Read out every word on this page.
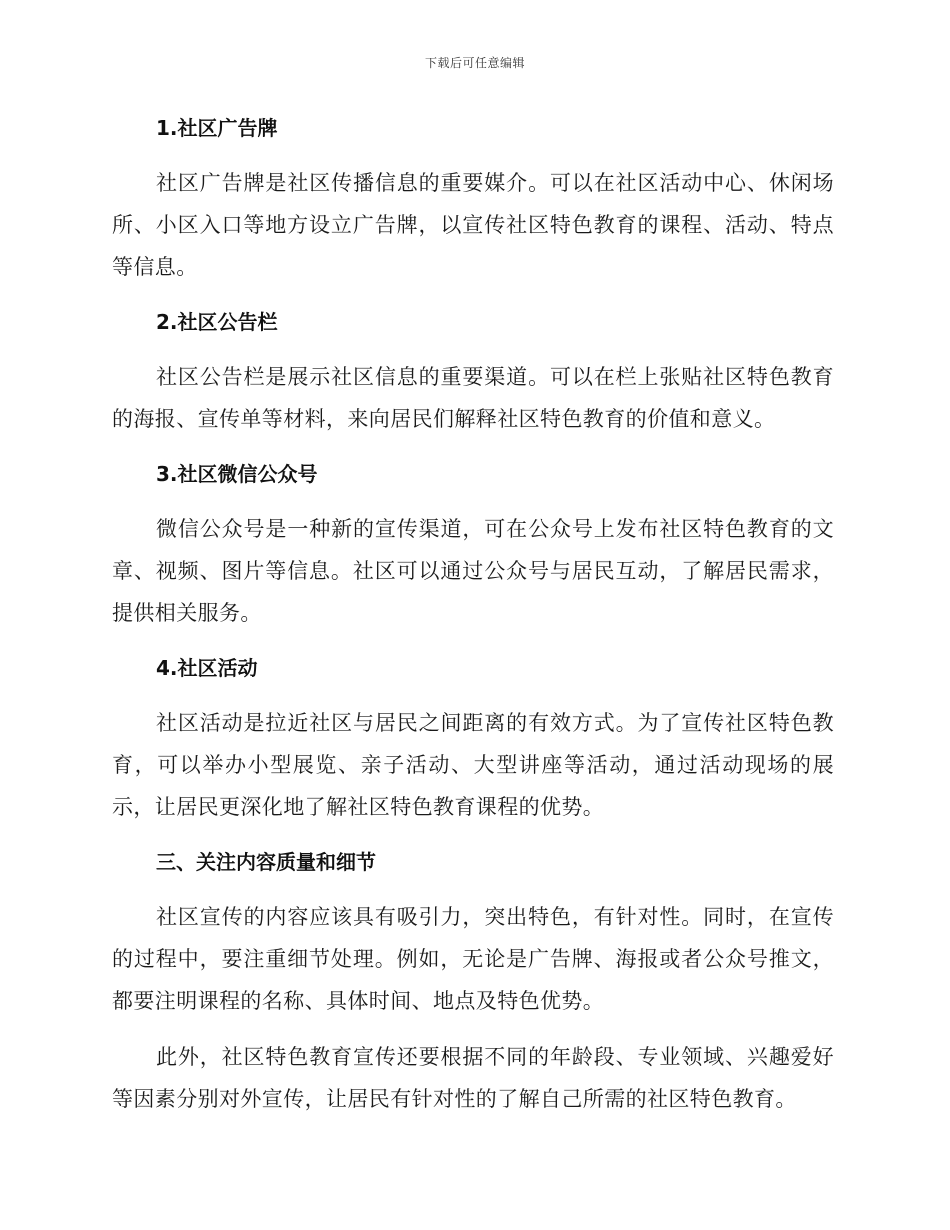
下载后可任意编辑
1.社区广告牌

社区广告牌是社区传播信息的重要媒介。可以在社区活动中心、休闲场所、小区入口等地方设立广告牌，以宣传社区特色教育的课程、活动、特点等信息。

2.社区公告栏

社区公告栏是展示社区信息的重要渠道。可以在栏上张贴社区特色教育的海报、宣传单等材料，来向居民们解释社区特色教育的价值和意义。

3.社区微信公众号

微信公众号是一种新的宣传渠道，可在公众号上发布社区特色教育的文章、视频、图片等信息。社区可以通过公众号与居民互动，了解居民需求，提供相关服务。

4.社区活动

社区活动是拉近社区与居民之间距离的有效方式。为了宣传社区特色教育，可以举办小型展览、亲子活动、大型讲座等活动，通过活动现场的展示，让居民更深化地了解社区特色教育课程的优势。

三、关注内容质量和细节

社区宣传的内容应该具有吸引力，突出特色，有针对性。同时，在宣传的过程中，要注重细节处理。例如，无论是广告牌、海报或者公众号推文，都要注明课程的名称、具体时间、地点及特色优势。

此外，社区特色教育宣传还要根据不同的年龄段、专业领域、兴趣爱好等因素分别对外宣传，让居民有针对性的了解自己所需的社区特色教育。
